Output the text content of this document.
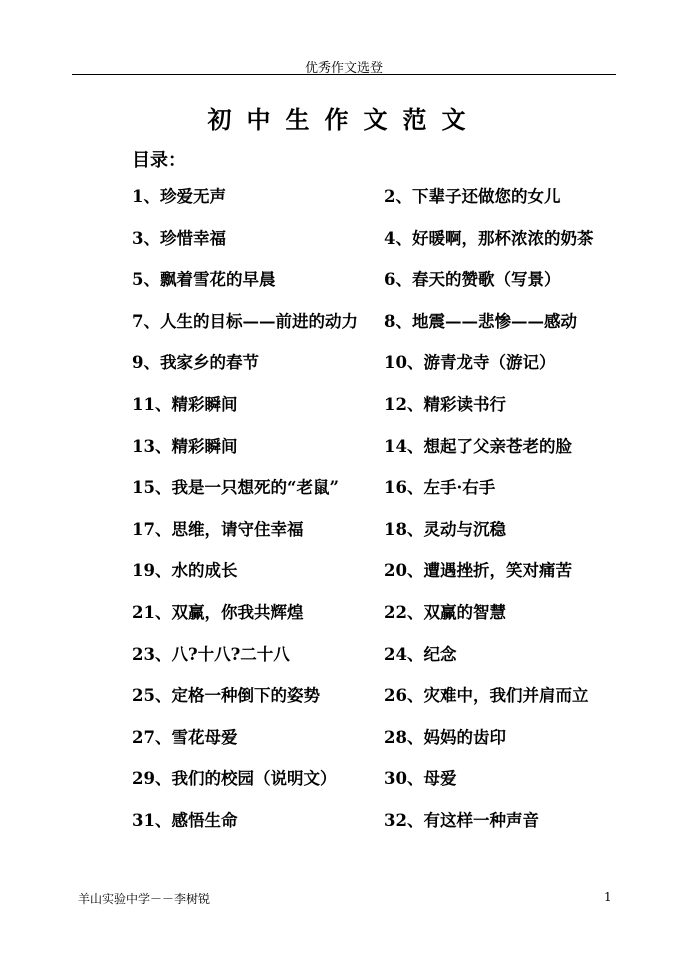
优秀作文选登
初中生作文范文
目录：
1、珍爱无声	2、下辈子还做您的女儿
3、珍惜幸福	4、好暖啊，那杯浓浓的奶茶
5、飘着雪花的早晨	6、春天的赞歌（写景）
7、人生的目标——前进的动力 8、地震——悲惨——感动
9、我家乡的春节	10、游青龙寺（游记）
11、精彩瞬间	12、精彩读书行
13、精彩瞬间	14、想起了父亲苍老的脸
15、我是一只想死的“老鼠”	16、左手·右手
17、思维，请守住幸福	18、灵动与沉稳
19、水的成长	20、遭遇挫折，笑对痛苦
21、双赢，你我共辉煌	22、双赢的智慧
23、八?十八?二十八	24、纪念
25、定格一种倒下的姿势	26、灾难中，我们并肩而立
27、雪花母爱	28、妈妈的齿印
29、我们的校园（说明文）	30、母爱
31、感悟生命	32、有这样一种声音
羊山实验中学－－李树锐	1
